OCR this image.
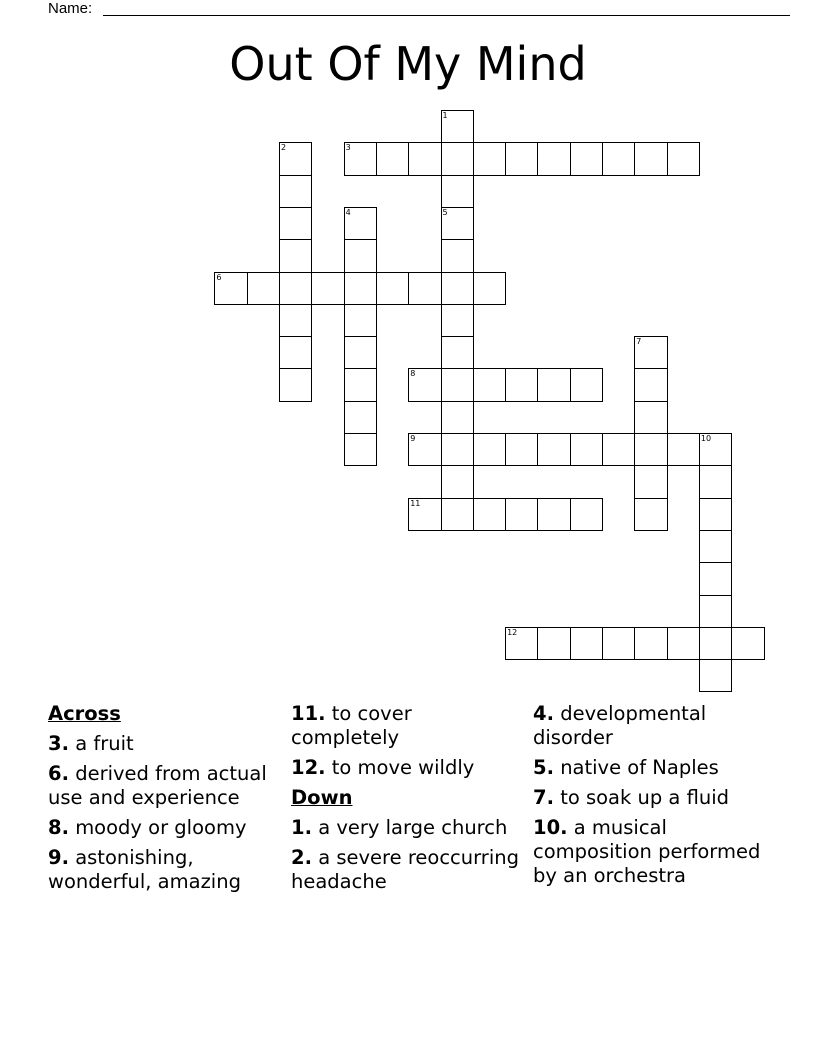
Name:
Out Of My Mind
1
5
2	3
4
6
7
8
9	10
11
12
Across
3. a fruit
6. derived from actual use and experience
8. moody or gloomy
9. astonishing, wonderful, amazing
11. to cover completely
12. to move wildly
Down
1. a very large church
2. a severe reoccurring headache
4. developmental disorder
5. native of Naples
7. to soak up a fluid
10. a musical composition performed by an orchestra
